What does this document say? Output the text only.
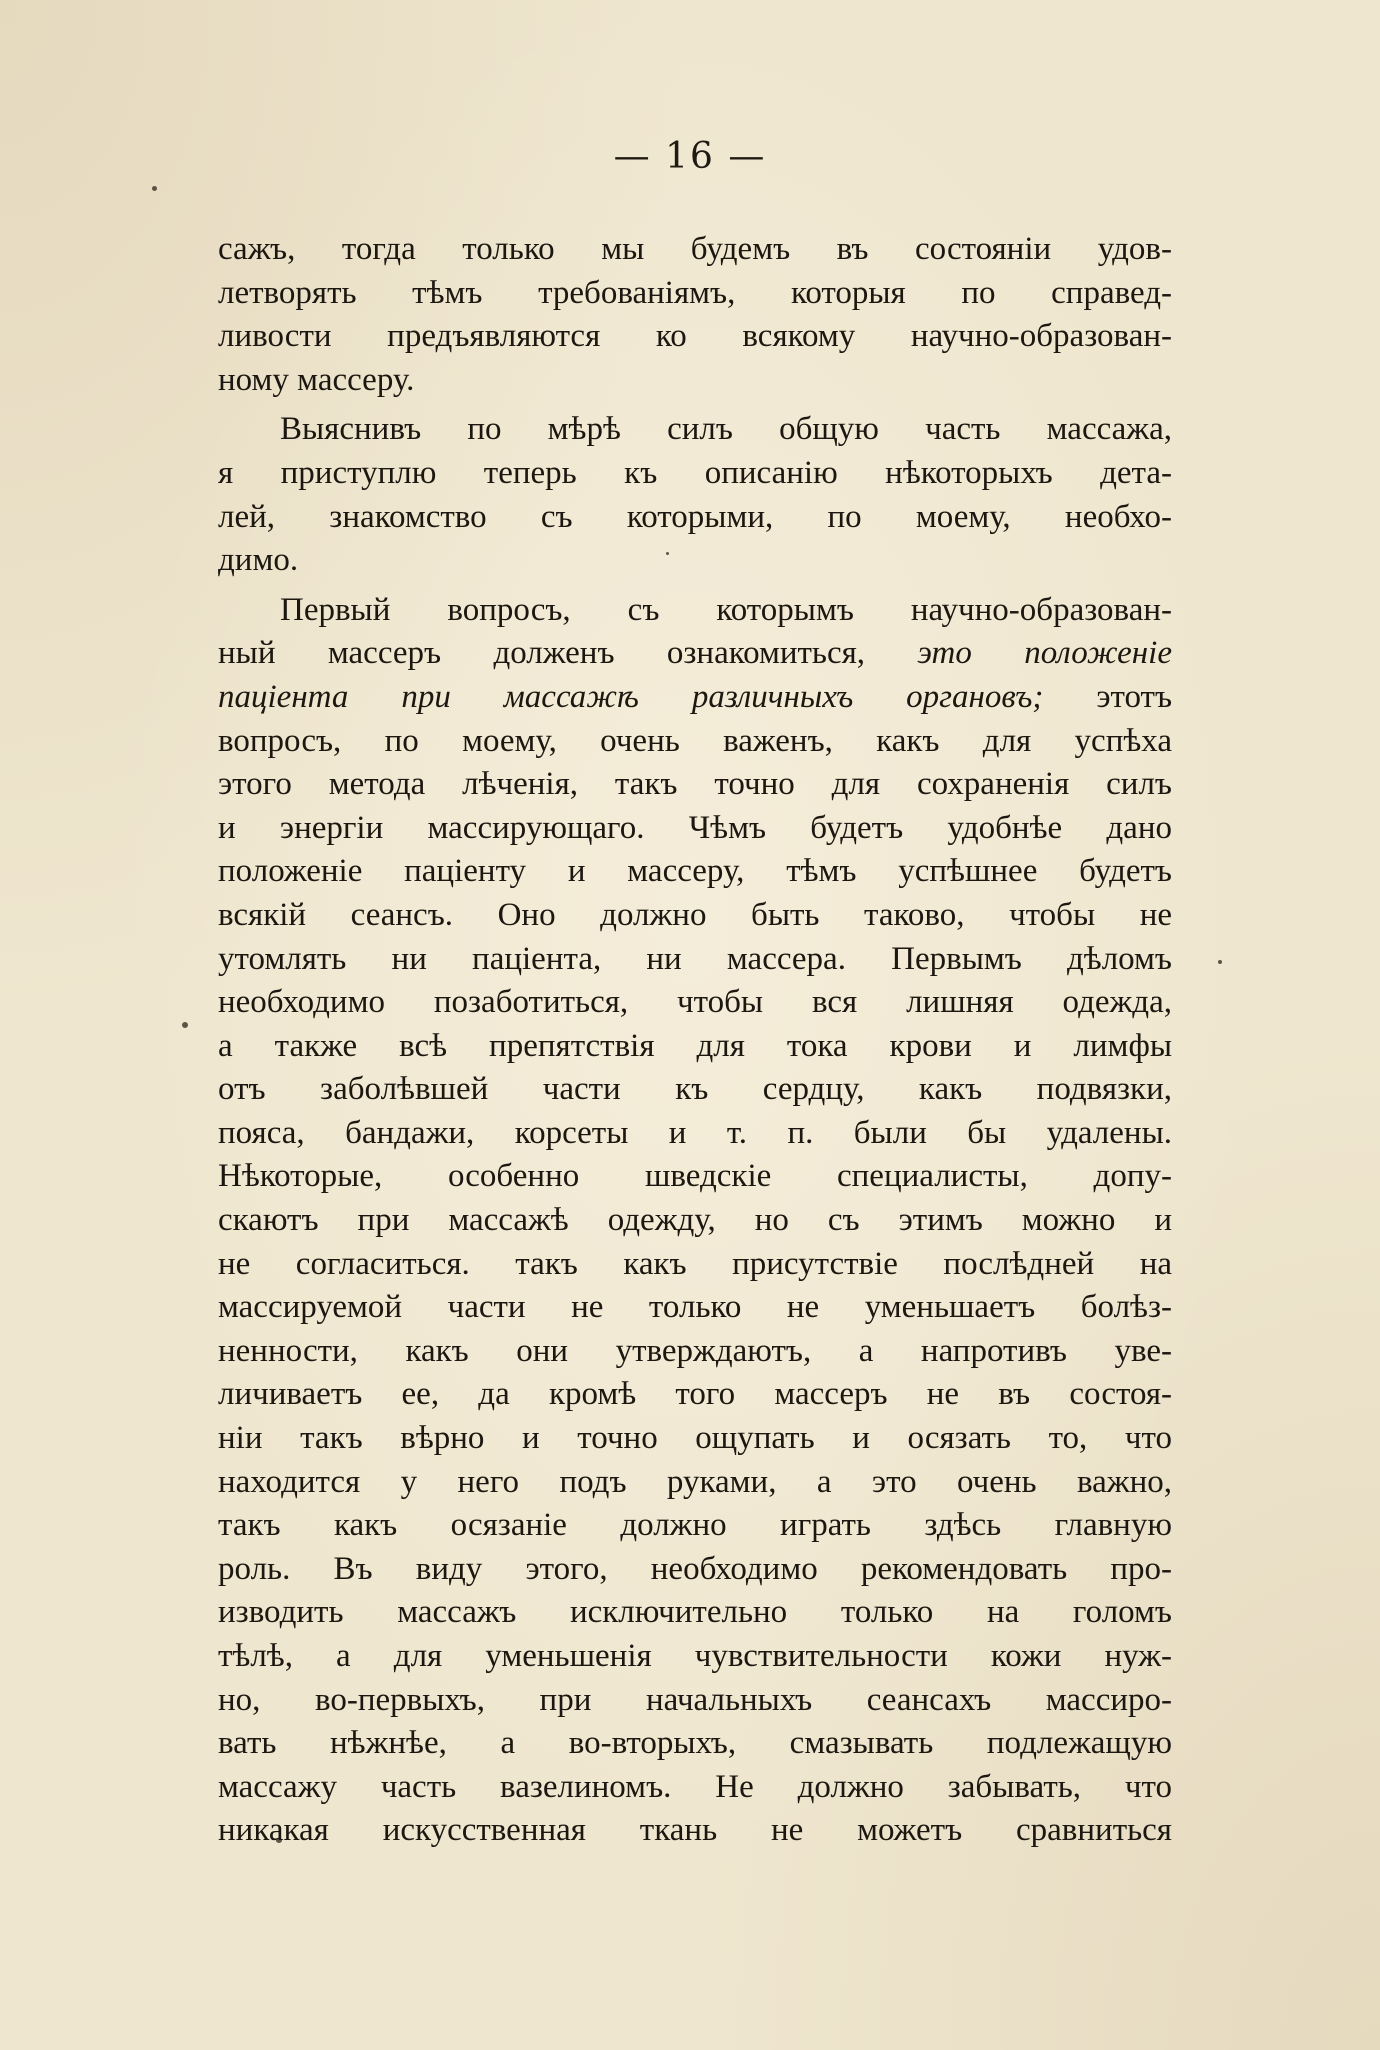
— 16 —
сажъ, тогда только мы будемъ въ состоянiи удов-
летворять тѣмъ требованiямъ, которыя по справед-
ливости предъявляются ко всякому научно-образован-
ному массеру.
Выяснивъ по мѣрѣ силъ общую часть массажа,
я приступлю теперь къ описанiю нѣкоторыхъ дета-
лей, знакомство съ которыми, по моему, необхо-
димо.
Первый вопросъ, съ которымъ научно-образован-
ный массеръ долженъ ознакомиться, это положенiе
пацiента при массажѣ различныхъ органовъ; этотъ
вопросъ, по моему, очень важенъ, какъ для успѣха
этого метода лѣченiя, такъ точно для сохраненiя силъ
и энергiи массирующаго. Чѣмъ будетъ удобнѣе дано
положенiе пацiенту и массеру, тѣмъ успѣшнее будетъ
всякiй сеансъ. Оно должно быть таково, чтобы не
утомлять ни пацiента, ни массера. Первымъ дѣломъ
необходимо позаботиться, чтобы вся лишняя одежда,
а также всѣ препятствiя для тока крови и лимфы
отъ заболѣвшей части къ сердцу, какъ подвязки,
пояса, бандажи, корсеты и т. п. были бы удалены.
Нѣкоторые, особенно шведскiе специалисты, допу-
скаютъ при массажѣ одежду, но съ этимъ можно и
не согласиться. такъ какъ присутствiе послѣдней на
массируемой части не только не уменьшаетъ болѣз-
ненности, какъ они утверждаютъ, а напротивъ уве-
личиваетъ ее, да кромѣ того массеръ не въ состоя-
нiи такъ вѣрно и точно ощупать и осязать то, что
находится у него подъ руками, а это очень важно,
такъ какъ осязанiе должно играть здѣсь главную
роль. Въ виду этого, необходимо рекомендовать про-
изводить массажъ исключительно только на голомъ
тѣлѣ, а для уменьшенiя чувствительности кожи нуж-
но, во-первыхъ, при начальныхъ сеансахъ массиро-
вать нѣжнѣе, а во-вторыхъ, смазывать подлежащую
массажу часть вазелиномъ. Не должно забывать, что
никакая искусственная ткань не можетъ сравниться
